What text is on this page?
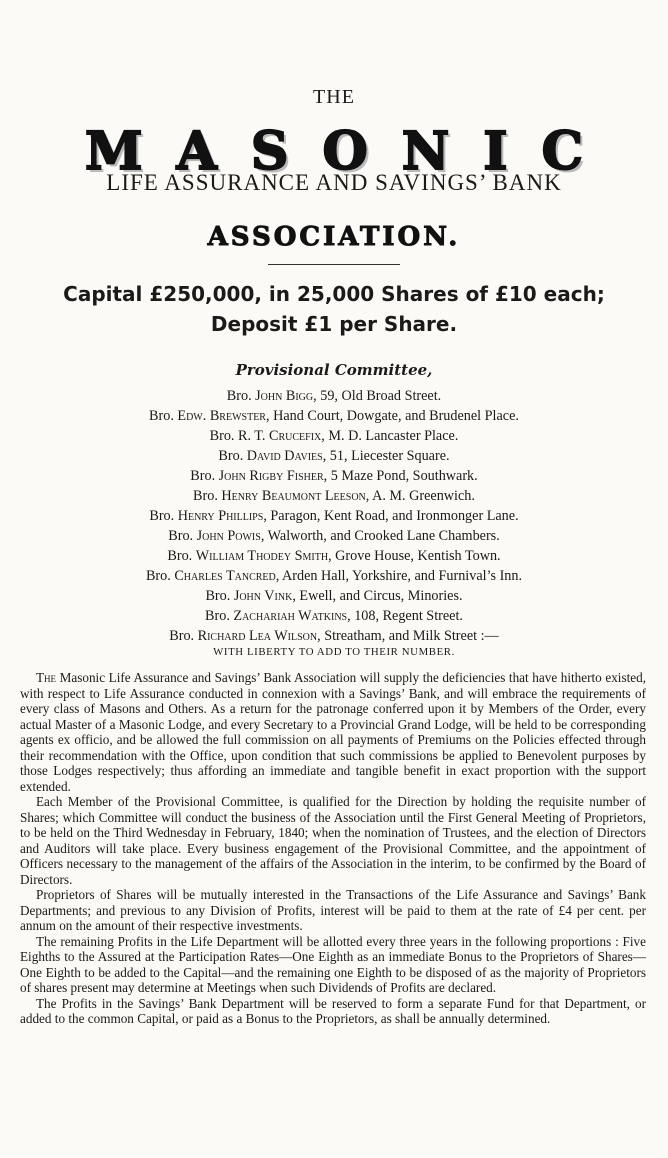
THE
M A S O N I C
LIFE ASSURANCE AND SAVINGS’ BANK
ASSOCIATION.
Capital £250,000, in 25,000 Shares of £10 each;
Deposit £1 per Share.
Provisional Committee,
Bro. John Bigg, 59, Old Broad Street.
Bro. Edw. Brewster, Hand Court, Dowgate, and Brudenel Place.
Bro. R. T. Crucefix, M. D. Lancaster Place.
Bro. David Davies, 51, Liecester Square.
Bro. John Rigby Fisher, 5 Maze Pond, Southwark.
Bro. Henry Beaumont Leeson, A. M. Greenwich.
Bro. Henry Phillips, Paragon, Kent Road, and Ironmonger Lane.
Bro. John Powis, Walworth, and Crooked Lane Chambers.
Bro. William Thodey Smith, Grove House, Kentish Town.
Bro. Charles Tancred, Arden Hall, Yorkshire, and Furnival’s Inn.
Bro. John Vink, Ewell, and Circus, Minories.
Bro. Zachariah Watkins, 108, Regent Street.
Bro. Richard Lea Wilson, Streatham, and Milk Street :—
WITH LIBERTY TO ADD TO THEIR NUMBER.

The Masonic Life Assurance and Savings’ Bank Association will supply the deficiencies that have hitherto existed, with respect to Life Assurance conducted in connexion with a Savings’ Bank, and will embrace the requirements of every class of Masons and Others. As a return for the patronage conferred upon it by Members of the Order, every actual Master of a Masonic Lodge, and every Secretary to a Provincial Grand Lodge, will be held to be corresponding agents ex officio, and be allowed the full commission on all payments of Premiums on the Policies effected through their recommendation with the Office, upon condition that such commissions be applied to Benevolent purposes by those Lodges respectively; thus affording an immediate and tangible benefit in exact proportion with the support extended.

Each Member of the Provisional Committee, is qualified for the Direction by holding the requisite number of Shares; which Committee will conduct the business of the Association until the First General Meeting of Proprietors, to be held on the Third Wednesday in February, 1840; when the nomination of Trustees, and the election of Directors and Auditors will take place. Every business engagement of the Provisional Committee, and the appointment of Officers necessary to the management of the affairs of the Association in the interim, to be confirmed by the Board of Directors.

Proprietors of Shares will be mutually interested in the Transactions of the Life Assurance and Savings’ Bank Departments; and previous to any Division of Profits, interest will be paid to them at the rate of £4 per cent. per annum on the amount of their respective investments.

The remaining Profits in the Life Department will be allotted every three years in the following proportions : Five Eighths to the Assured at the Participation Rates—One Eighth as an immediate Bonus to the Proprietors of Shares—One Eighth to be added to the Capital—and the remaining one Eighth to be disposed of as the majority of Proprietors of shares present may determine at Meetings when such Dividends of Profits are declared.

The Profits in the Savings’ Bank Department will be reserved to form a separate Fund for that Department, or added to the common Capital, or paid as a Bonus to the Proprietors, as shall be annually determined.
